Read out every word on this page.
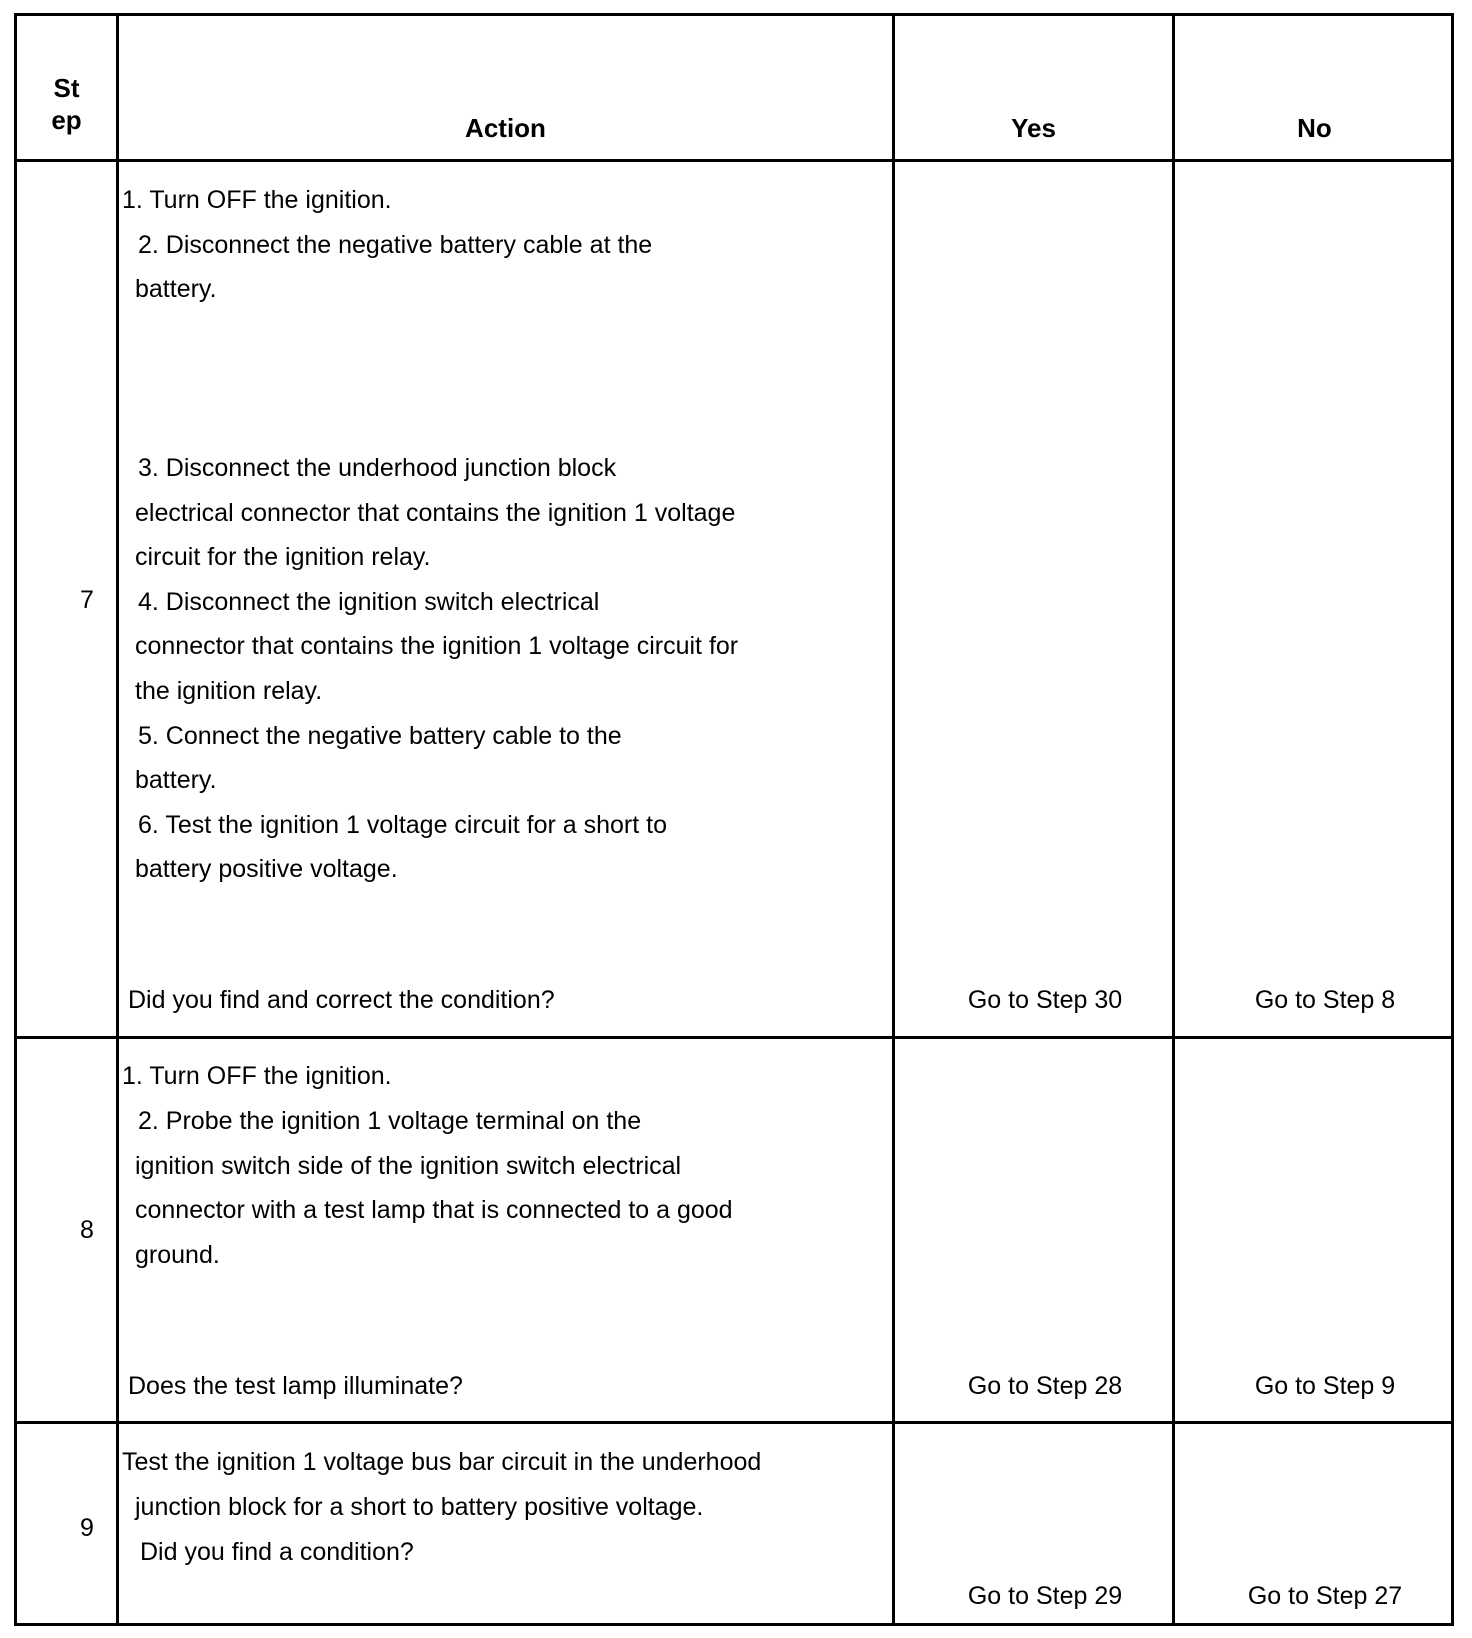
St
ep	Action	Yes	No
7
1. Turn OFF the ignition.
2. Disconnect the negative battery cable at the
battery.
3. Disconnect the underhood junction block
electrical connector that contains the ignition 1 voltage
circuit for the ignition relay.
4. Disconnect the ignition switch electrical
connector that contains the ignition 1 voltage circuit for
the ignition relay.
5. Connect the negative battery cable to the
battery.
6. Test the ignition 1 voltage circuit for a short to
battery positive voltage.
Did you find and correct the condition?	Go to Step 30	Go to Step 8
8
1. Turn OFF the ignition.
2. Probe the ignition 1 voltage terminal on the
ignition switch side of the ignition switch electrical
connector with a test lamp that is connected to a good
ground.
Does the test lamp illuminate?	Go to Step 28	Go to Step 9
9
Test the ignition 1 voltage bus bar circuit in the underhood
junction block for a short to battery positive voltage.
Did you find a condition?
Go to Step 29	Go to Step 27
